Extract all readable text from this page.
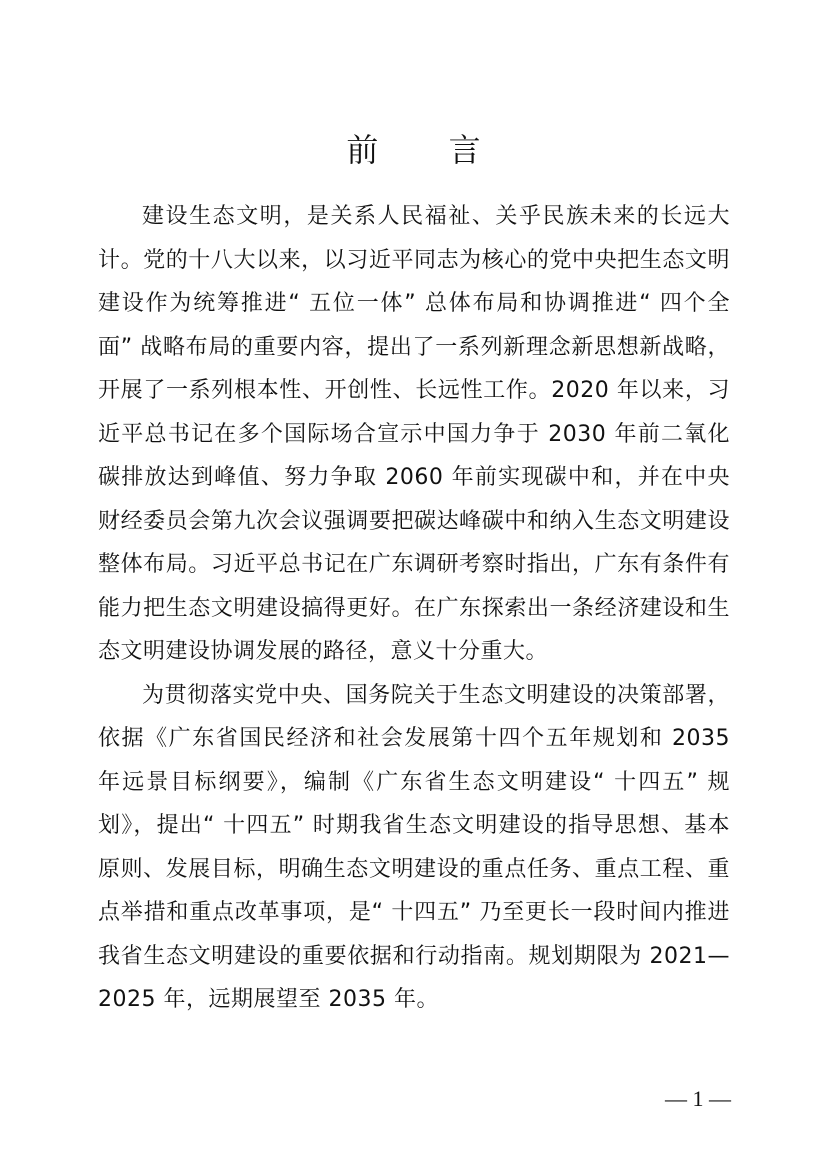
前 言

建设生态文明，是关系人民福祉、关乎民族未来的长远大计。党的十八大以来，以习近平同志为核心的党中央把生态文明建设作为统筹推进“ 五位一体” 总体布局和协调推进“ 四个全面” 战略布局的重要内容，提出了一系列新理念新思想新战略，开展了一系列根本性、开创性、长远性工作。2020 年以来，习近平总书记在多个国际场合宣示中国力争于 2030 年前二氧化碳排放达到峰值、努力争取 2060 年前实现碳中和，并在中央财经委员会第九次会议强调要把碳达峰碳中和纳入生态文明建设整体布局。习近平总书记在广东调研考察时指出，广东有条件有能力把生态文明建设搞得更好。在广东探索出一条经济建设和生态文明建设协调发展的路径，意义十分重大。

为贯彻落实党中央、国务院关于生态文明建设的决策部署，依据《广东省国民经济和社会发展第十四个五年规划和 2035 年远景目标纲要》，编制《广东省生态文明建设“ 十四五” 规划》，提出“ 十四五” 时期我省生态文明建设的指导思想、基本原则、发展目标，明确生态文明建设的重点任务、重点工程、重点举措和重点改革事项，是“ 十四五” 乃至更长一段时间内推进我省生态文明建设的重要依据和行动指南。规划期限为 2021—2025 年，远期展望至 2035 年。

— 1 —
